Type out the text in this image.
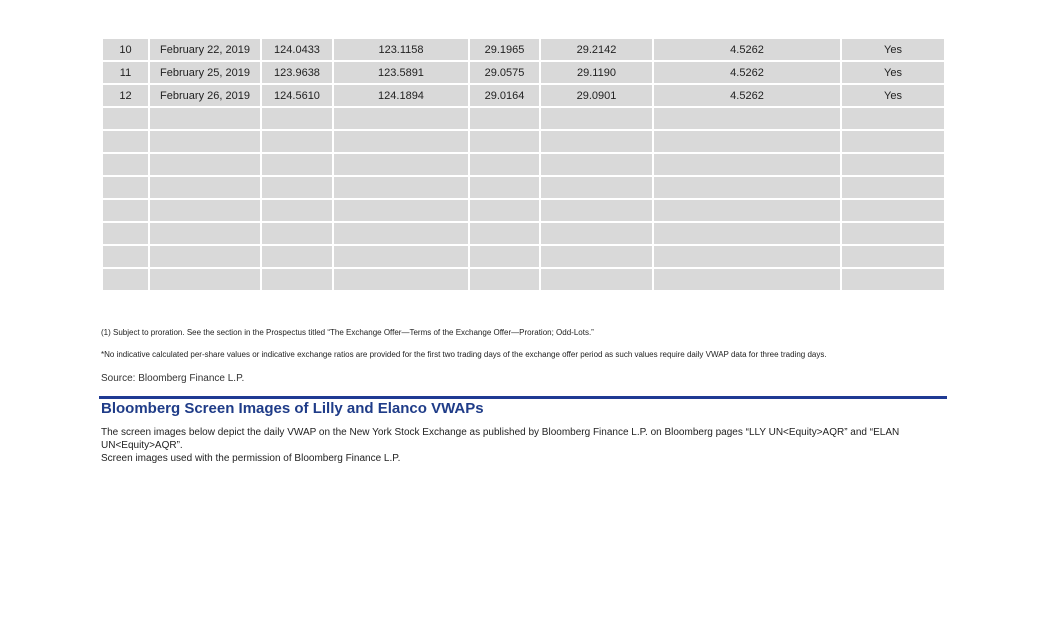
10	February 22, 2019	124.0433	123.1158	29.1965	29.2142	4.5262	Yes
11	February 25, 2019	123.9638	123.5891	29.0575	29.1190	4.5262	Yes
12	February 26, 2019	124.5610	124.1894	29.0164	29.0901	4.5262	Yes

(1) Subject to proration. See the section in the Prospectus titled “The Exchange Offer—Terms of the Exchange Offer—Proration; Odd-Lots.”
*No indicative calculated per-share values or indicative exchange ratios are provided for the first two trading days of the exchange offer period as such values require daily VWAP data for three trading days.
Source: Bloomberg Finance L.P.
Bloomberg Screen Images of Lilly and Elanco VWAPs
The screen images below depict the daily VWAP on the New York Stock Exchange as published by Bloomberg Finance L.P. on Bloomberg pages “LLY UN<Equity>AQR” and “ELAN UN<Equity>AQR”.
Screen images used with the permission of Bloomberg Finance L.P.
